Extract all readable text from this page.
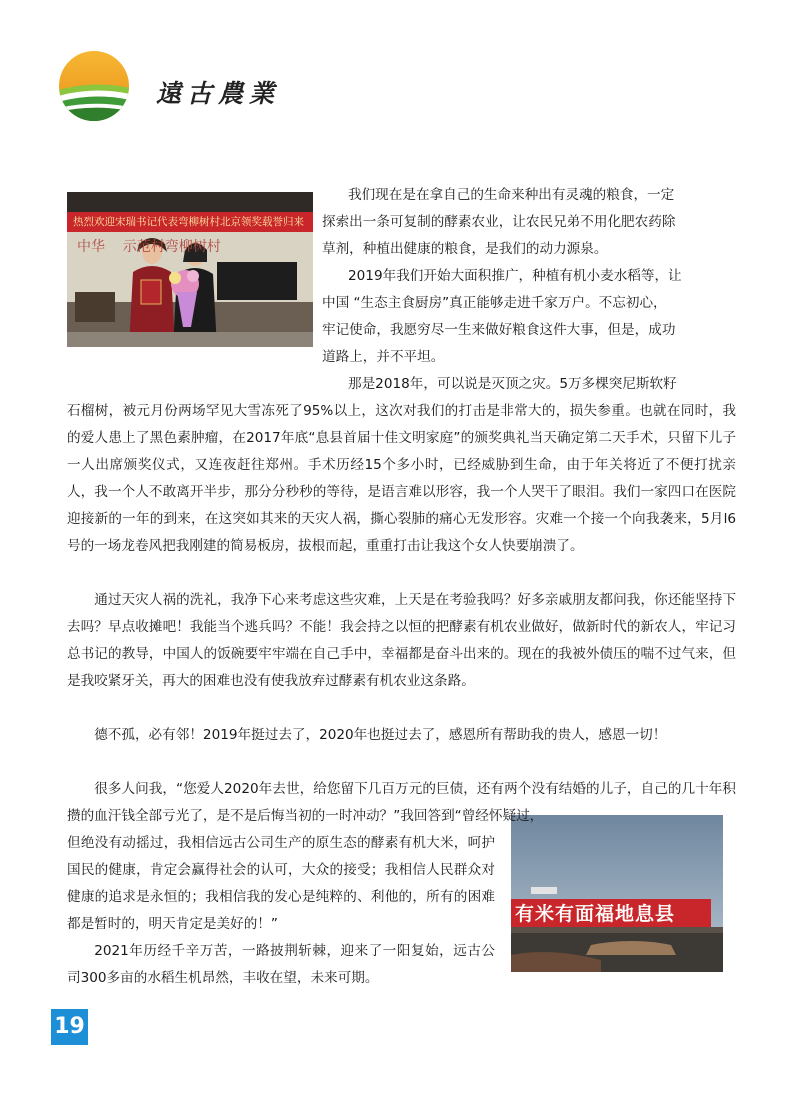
遠古農業
热烈欢迎宋瑞书记代表弯柳树村北京领奖载誉归来
中华    示范村弯柳树村
有米有面福地息县

我们现在是在拿自己的生命来种出有灵魂的粮食，一定

探索出一条可复制的酵素农业，让农民兄弟不用化肥农药除

草剂，种植出健康的粮食，是我们的动力源泉。

2019年我们开始大面积推广，种植有机小麦水稻等，让

中国 “生态主食厨房”真正能够走进千家万户。不忘初心，

牢记使命，我愿穷尽一生来做好粮食这件大事，但是，成功

道路上，并不平坦。

那是2018年，可以说是灭顶之灾。5万多棵突尼斯软籽

石榴树，被元月份两场罕见大雪冻死了95%以上，这次对我们的打击是非常大的，损失参重。也就在同时，我的爱人患上了黑色素肿瘤，在2017年底“息县首届十佳文明家庭”的颁奖典礼当天确定第二天手术，只留下儿子一人出席颁奖仪式，又连夜赶往郑州。手术历经15个多小时，已经威胁到生命，由于年关将近了不便打扰亲人，我一个人不敢离开半步，那分分秒秒的等待，是语言难以形容，我一个人哭干了眼泪。我们一家四口在医院迎接新的一年的到来，在这突如其来的天灾人祸，撕心裂肺的痛心无发形容。灾难一个接一个向我袭来，5月l6号的一场龙卷风把我刚建的简易板房，拔根而起，重重打击让我这个女人快要崩溃了。

通过天灾人祸的洗礼，我净下心来考虑这些灾难，上天是在考验我吗？好多亲戚朋友都问我，你还能坚持下去吗？早点收摊吧！我能当个逃兵吗？不能！我会持之以恒的把酵素有机农业做好，做新时代的新农人，牢记习总书记的教导，中国人的饭碗要牢牢端在自己手中，幸福都是奋斗出来的。现在的我被外债压的喘不过气来，但是我咬紧牙关，再大的困难也没有使我放弃过酵素有机农业这条路。

德不孤，必有邻！2019年挺过去了，2020年也挺过去了，感恩所有帮助我的贵人，感恩一切！

很多人问我，“您爱人2020年去世，给您留下几百万元的巨债，还有两个没有结婚的儿子，自己的几十年积攒的血汗钱全部亏光了，是不是后悔当初的一时冲动？”我回答到“曾经怀疑过，

但绝没有动摇过，我相信远古公司生产的原生态的酵素有机大米，呵护国民的健康，肯定会赢得社会的认可，大众的接受；我相信人民群众对健康的追求是永恒的；我相信我的发心是纯粹的、利他的，所有的困难都是暂时的，明天肯定是美好的！”

2021年历经千辛万苦，一路披荆斩棘，迎来了一阳复始，远古公司300多亩的水稻生机昂然，丰收在望，未来可期。

19
